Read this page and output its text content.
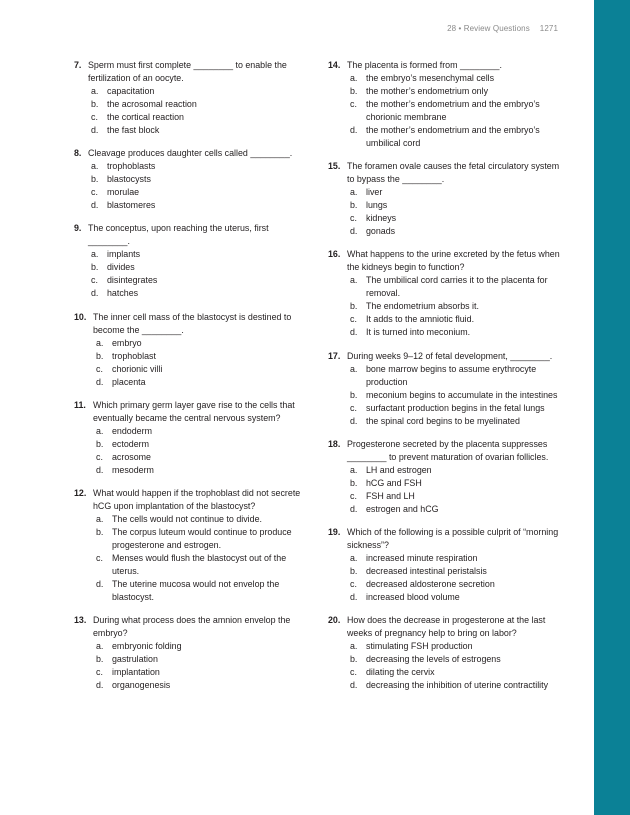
28 • Review Questions 1271
7. Sperm must first complete ________ to enable the fertilization of an oocyte.
a. capacitation
b. the acrosomal reaction
c. the cortical reaction
d. the fast block
8. Cleavage produces daughter cells called ________.
a. trophoblasts
b. blastocysts
c. morulae
d. blastomeres
9. The conceptus, upon reaching the uterus, first ________.
a. implants
b. divides
c. disintegrates
d. hatches
10. The inner cell mass of the blastocyst is destined to become the ________.
a. embryo
b. trophoblast
c. chorionic villi
d. placenta
11. Which primary germ layer gave rise to the cells that eventually became the central nervous system?
a. endoderm
b. ectoderm
c. acrosome
d. mesoderm
12. What would happen if the trophoblast did not secrete hCG upon implantation of the blastocyst?
a. The cells would not continue to divide.
b. The corpus luteum would continue to produce progesterone and estrogen.
c. Menses would flush the blastocyst out of the uterus.
d. The uterine mucosa would not envelop the blastocyst.
13. During what process does the amnion envelop the embryo?
a. embryonic folding
b. gastrulation
c. implantation
d. organogenesis
14. The placenta is formed from ________.
a. the embryo’s mesenchymal cells
b. the mother’s endometrium only
c. the mother’s endometrium and the embryo’s chorionic membrane
d. the mother’s endometrium and the embryo’s umbilical cord
15. The foramen ovale causes the fetal circulatory system to bypass the ________.
a. liver
b. lungs
c. kidneys
d. gonads
16. What happens to the urine excreted by the fetus when the kidneys begin to function?
a. The umbilical cord carries it to the placenta for removal.
b. The endometrium absorbs it.
c. It adds to the amniotic fluid.
d. It is turned into meconium.
17. During weeks 9–12 of fetal development, ________.
a. bone marrow begins to assume erythrocyte production
b. meconium begins to accumulate in the intestines
c. surfactant production begins in the fetal lungs
d. the spinal cord begins to be myelinated
18. Progesterone secreted by the placenta suppresses ________ to prevent maturation of ovarian follicles.
a. LH and estrogen
b. hCG and FSH
c. FSH and LH
d. estrogen and hCG
19. Which of the following is a possible culprit of “morning sickness”?
a. increased minute respiration
b. decreased intestinal peristalsis
c. decreased aldosterone secretion
d. increased blood volume
20. How does the decrease in progesterone at the last weeks of pregnancy help to bring on labor?
a. stimulating FSH production
b. decreasing the levels of estrogens
c. dilating the cervix
d. decreasing the inhibition of uterine contractility
